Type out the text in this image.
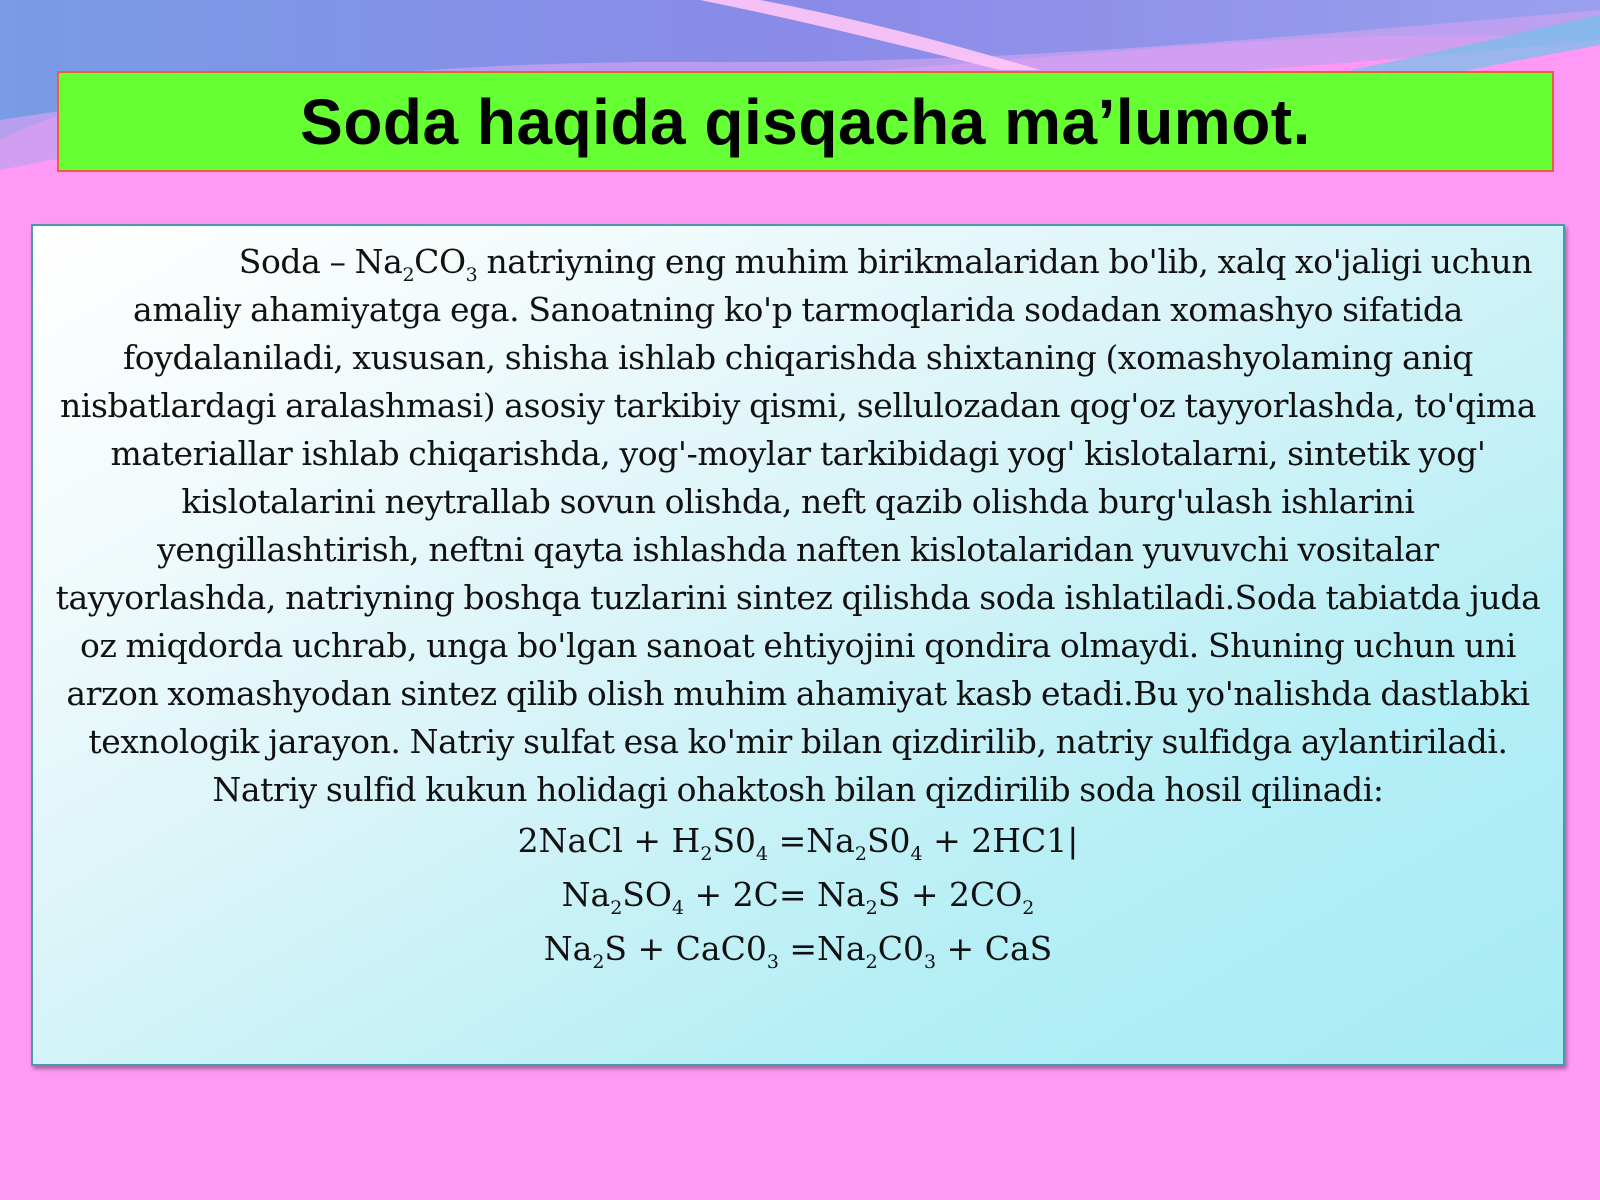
Soda haqida qisqacha ma’lumot.

Soda – $Na_2CO_3$ natriyning eng muhim birikmalaridan bo'lib, xalq xo'jaligi uchun amaliy ahamiyatga ega. Sanoatning ko'p tarmoqlarida sodadan xomashyo sifatida foydalaniladi, xususan, shisha ishlab chiqarishda shixtaning (xomashyolaming aniq nisbatlardagi aralashmasi) asosiy tarkibiy qismi, sellulozadan qog'oz tayyorlashda, to'qima materiallar ishlab chiqarishda, yog'-moylar tarkibidagi yog' kislotalarni, sintetik yog' kislotalarini neytrallab sovun olishda, neft qazib olishda burg'ulash ishlarini yengillashtirish, neftni qayta ishlashda naften kislotalaridan yuvuvchi vositalar tayyorlashda, natriyning boshqa tuzlarini sintez qilishda soda ishlatiladi.Soda tabiatda juda oz miqdorda uchrab, unga bo'lgan sanoat ehtiyojini qondira olmaydi. Shuning uchun uni arzon xomashyodan sintez qilib olish muhim ahamiyat kasb etadi.Bu yo'nalishda dastlabki texnologik jarayon. Natriy sulfat esa ko'mir bilan qizdirilib, natriy sulfidga aylantiriladi. Natriy sulfid kukun holidagi ohaktosh bilan qizdirilib soda hosil qilinadi:

2NaCl + $H_2S0_4 =Na_2S0_4 + 2HC1|$
$Na_2SO_4 + 2C= Na_2S + 2CO_2$
$Na_2S + CaC0_3 =Na_2C0_3$ + CaS
